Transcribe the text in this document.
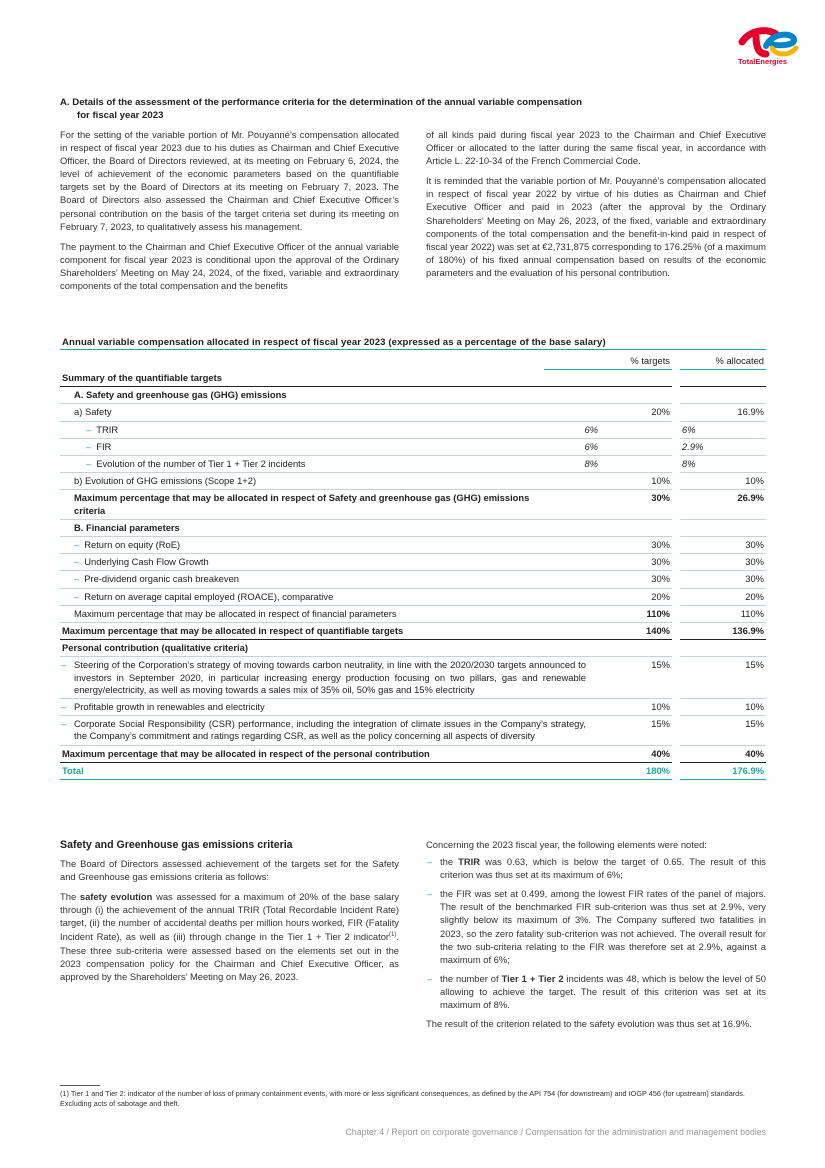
TotalEnergies
A. Details of the assessment of the performance criteria for the determination of the annual variable compensation
for fiscal year 2023

For the setting of the variable portion of Mr. Pouyanné’s compensation allocated in respect of fiscal year 2023 due to his duties as Chairman and Chief Executive Officer, the Board of Directors reviewed, at its meeting on February 6, 2024, the level of achievement of the economic parameters based on the quantifiable targets set by the Board of Directors at its meeting on February 7, 2023. The Board of Directors also assessed the Chairman and Chief Executive Officer’s personal contribution on the basis of the target criteria set during its meeting on February 7, 2023, to qualitatively assess his management.

The payment to the Chairman and Chief Executive Officer of the annual variable component for fiscal year 2023 is conditional upon the approval of the Ordinary Shareholders’ Meeting on May 24, 2024, of the fixed, variable and extraordinary components of the total compensation and the benefits

of all kinds paid during fiscal year 2023 to the Chairman and Chief Executive Officer or allocated to the latter during the same fiscal year, in accordance with Article L. 22-10-34 of the French Commercial Code.

It is reminded that the variable portion of Mr. Pouyanné’s compensation allocated in respect of fiscal year 2022 by virtue of his duties as Chairman and Chief Executive Officer and paid in 2023 (after the approval by the Ordinary Shareholders’ Meeting on May 26, 2023, of the fixed, variable and extraordinary components of the total compensation and the benefit-in-kind paid in respect of fiscal year 2022) was set at €2,731,875 corresponding to 176.25% (of a maximum of 180%) of his fixed annual compensation based on results of the economic parameters and the evaluation of his personal contribution.

Annual variable compensation allocated in respect of fiscal year 2023 (expressed as a percentage of the base salary)
		% targets		% allocated
Summary of the quantifiable targets				
A. Safety and greenhouse gas (GHG) emissions				
a) Safety		20%		16.9%
– TRIR	6%			6%
– FIR	6%			2.9%
– Evolution of the number of Tier 1 + Tier 2 incidents	8%			8%
b) Evolution of GHG emissions (Scope 1+2)		10%		10%
Maximum percentage that may be allocated in respect of Safety and greenhouse gas (GHG) emissions criteria		30%		26.9%
B. Financial parameters				
– Return on equity (RoE)		30%		30%
– Underlying Cash Flow Growth		30%		30%
– Pre-dividend organic cash breakeven		30%		30%
– Return on average capital employed (ROACE), comparative		20%		20%
Maximum percentage that may be allocated in respect of financial parameters		110%		110%
Maximum percentage that may be allocated in respect of quantifiable targets		140%		136.9%
Personal contribution (qualitative criteria)				

– Steering of the Corporation’s strategy of moving towards carbon neutrality, in line with the 2020/2030 targets announced to investors in September 2020, in particular increasing energy production focusing on two pillars, gas and renewable energy/electricity, as well as moving towards a sales mix of 35% oil, 50% gas and 15% electricity		15%		15%

– Profitable growth in renewables and electricity		10%		10%

– Corporate Social Responsibility (CSR) performance, including the integration of climate issues in the Company’s strategy, the Company’s commitment and ratings regarding CSR, as well as the policy concerning all aspects of diversity		15%		15%
Maximum percentage that may be allocated in respect of the personal contribution		40%		40%
Total		180%		176.9%
Safety and Greenhouse gas emissions criteria

The Board of Directors assessed achievement of the targets set for the Safety and Greenhouse gas emissions criteria as follows:

The safety evolution was assessed for a maximum of 20% of the base salary through (i) the achievement of the annual TRIR (Total Recordable Incident Rate) target, (ii) the number of accidental deaths per million hours worked, FIR (Fatality Incident Rate), as well as (iii) through change in the Tier 1 + Tier 2 indicator$^{(1)}$. These three sub-criteria were assessed based on the elements set out in the 2023 compensation policy for the Chairman and Chief Executive Officer, as approved by the Shareholders’ Meeting on May 26, 2023.

Concerning the 2023 fiscal year, the following elements were noted:

– the TRIR was 0.63, which is below the target of 0.65. The result of this criterion was thus set at its maximum of 6%;
– the FIR was set at 0.499, among the lowest FIR rates of the panel of majors. The result of the benchmarked FIR sub-criterion was thus set at 2.9%, very slightly below its maximum of 3%. The Company suffered two fatalities in 2023, so the zero fatality sub-criterion was not achieved. The overall result for the two sub-criteria relating to the FIR was therefore set at 2.9%, against a maximum of 6%;
– the number of Tier 1 + Tier 2 incidents was 48, which is below the level of 50 allowing to achieve the target. The result of this criterion was set at its maximum of 8%.

The result of the criterion related to the safety evolution was thus set at 16.9%.

(1) Tier 1 and Tier 2: indicator of the number of loss of primary containment events, with more or less significant consequences, as defined by the API 754 (for downstream) and IOGP 456 (for upstream) standards. Excluding acts of sabotage and theft.
Chapter 4 / Report on corporate governance / Compensation for the administration and management bodies
